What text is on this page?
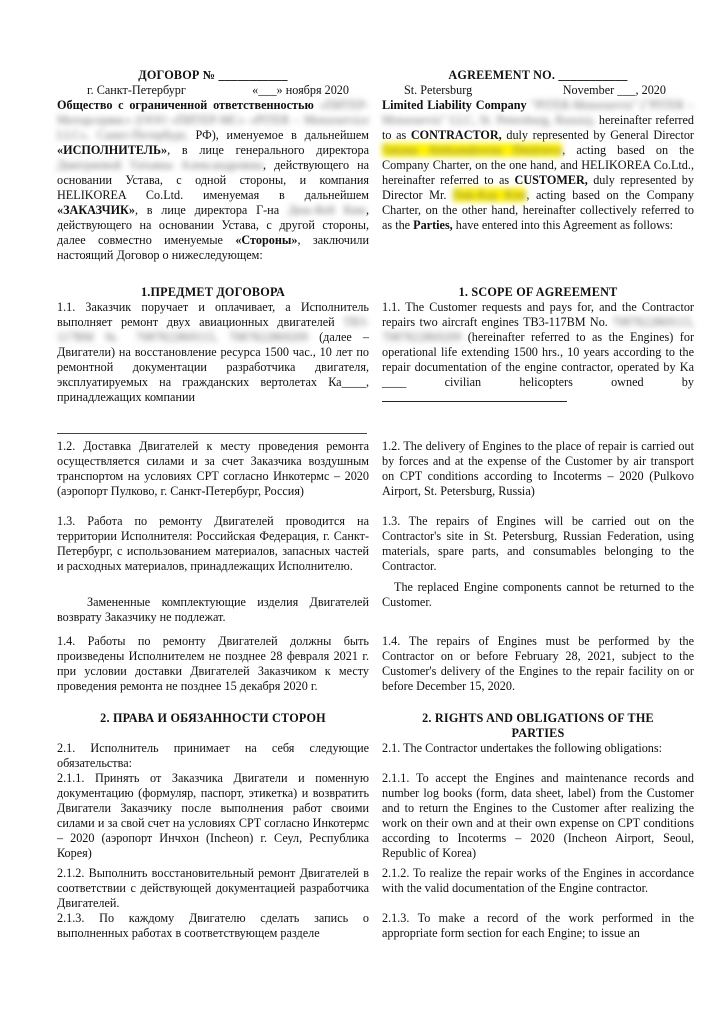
ДОГОВОР № ___________
г. Санкт-Петербург	«___» ноября 2020
Общество с ограниченной ответственностью «ПИТЕР-Моторсервис» (ООО «ПИТЕР-МС» «PITER – Motorservice LLC», Санкт-Петербург, РФ), именуемое в дальнейшем «ИСПОЛНИТЕЛЬ», в лице генерального директора Дмитриевой Татьяны Александровны, действующего на основании Устава, с одной стороны, и компания HELIKOREA Co.Ltd. именуемая в дальнейшем «ЗАКАЗЧИК», в лице директора Г-на Дюк-Кей Ким, действующего на основании Устава, с другой стороны, далее совместно именуемые «Стороны», заключили настоящий Договор о нижеследующем:
1.ПРЕДМЕТ ДОГОВОРА
1.1. Заказчик поручает и оплачивает, а Исполнитель выполняет ремонт двух авиационных двигателей ТВ3-117ВМ № 7087822869115, 7087822869209 (далее – Двигатели) на восстановление ресурса 1500 час., 10 лет по ремонтной документации разработчика двигателя, эксплуатируемых на гражданских вертолетах Ка____, принадлежащих компании
1.2. Доставка Двигателей к месту проведения ремонта осуществляется силами и за счет Заказчика воздушным транспортом на условиях CPT согласно Инкотермс – 2020 (аэропорт Пулково, г. Санкт-Петербург, Россия)
1.3. Работа по ремонту Двигателей проводится на территории Исполнителя: Российская Федерация, г. Санкт-Петербург, с использованием материалов, запасных частей и расходных материалов, принадлежащих Исполнителю.
Замененные комплектующие изделия Двигателей возврату Заказчику не подлежат.
1.4. Работы по ремонту Двигателей должны быть произведены Исполнителем не позднее 28 февраля 2021 г. при условии доставки Двигателей Заказчиком к месту проведения ремонта не позднее 15 декабря 2020 г.
2. ПРАВА И ОБЯЗАННОСТИ СТОРОН
2.1. Исполнитель принимает на себя следующие обязательства:
2.1.1. Принять от Заказчика Двигатели и поменную документацию (формуляр, паспорт, этикетка) и возвратить Двигатели Заказчику после выполнения работ своими силами и за свой счет на условиях CPT согласно Инкотермс – 2020 (аэропорт Инчхон (Incheon) г. Сеул, Республика Корея)
2.1.2. Выполнить восстановительный ремонт Двигателей в соответствии с действующей документацией разработчика Двигателей.
2.1.3. По каждому Двигателю сделать запись о выполненных работах в соответствующем разделе
AGREEMENT NO. ___________
St. Petersburg	November ___, 2020
Limited Liability Company "PITER-Motorservis" ("PITER – Motorservis" LLC, St. Petersburg, Russia), hereinafter referred to as CONTRACTOR, duly represented by General Director Tatiana Aleksandrovna Dmitrieva, acting based on the Company Charter, on the one hand, and HELIKOREA Co.Ltd., hereinafter referred to as CUSTOMER, duly represented by Director Mr. Duk-Kay Kim, acting based on the Company Charter, on the other hand, hereinafter collectively referred to as the Parties, have entered into this Agreement as follows:
1. SCOPE OF AGREEMENT
1.1. The Customer requests and pays for, and the Contractor repairs two aircraft engines ТВ3-117ВМ No. 7087822869115, 7087822869209 (hereinafter referred to as the Engines) for operational life extending 1500 hrs., 10 years according to the repair documentation of the engine contractor, operated by Ka ____ civilian helicopters owned by
1.2. The delivery of Engines to the place of repair is carried out by forces and at the expense of the Customer by air transport on CPT conditions according to Incoterms – 2020 (Pulkovo Airport, St. Petersburg, Russia)
1.3. The repairs of Engines will be carried out on the Contractor's site in St. Petersburg, Russian Federation, using materials, spare parts, and consumables belonging to the Contractor.
The replaced Engine components cannot be returned to the Customer.
1.4. The repairs of Engines must be performed by the Contractor on or before February 28, 2021, subject to the Customer's delivery of the Engines to the repair facility on or before December 15, 2020.
2. RIGHTS AND OBLIGATIONS OF THE PARTIES
2.1. The Contractor undertakes the following obligations:
2.1.1. To accept the Engines and maintenance records and number log books (form, data sheet, label) from the Customer and to return the Engines to the Customer after realizing the work on their own and at their own expense on CPT conditions according to Incoterms – 2020 (Incheon Airport, Seoul, Republic of Korea)
2.1.2. To realize the repair works of the Engines in accordance with the valid documentation of the Engine contractor.
2.1.3. To make a record of the work performed in the appropriate form section for each Engine; to issue an
